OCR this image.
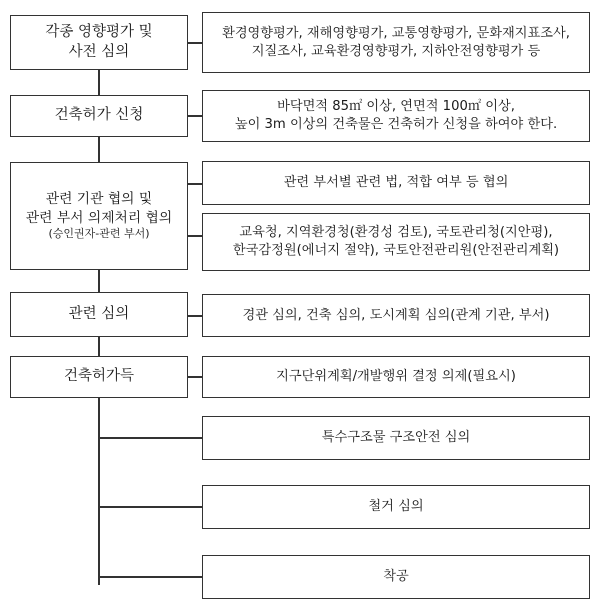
각종 영향평가 및
사전 심의
건축허가 신청
관련 기관 협의 및
관련 부서 의제처리 협의
(승인권자-관련 부서)
관련 심의
건축허가득
환경영향평가, 재해영향평가, 교통영향평가, 문화재지표조사,
지질조사, 교육환경영향평가, 지하안전영향평가 등
바닥면적 85㎡ 이상, 연면적 100㎡ 이상,
높이 3m 이상의 건축물은 건축허가 신청을 하여야 한다.
관련 부서별 관련 법, 적합 여부 등 협의
교육청, 지역환경청(환경성 검토), 국토관리청(지안평),
한국감정원(에너지 절약), 국토안전관리원(안전관리계획)
경관 심의, 건축 심의, 도시계획 심의(관계 기관, 부서)
지구단위계획/개발행위 결정 의제(필요시)
특수구조물 구조안전 심의
철거 심의
착공
